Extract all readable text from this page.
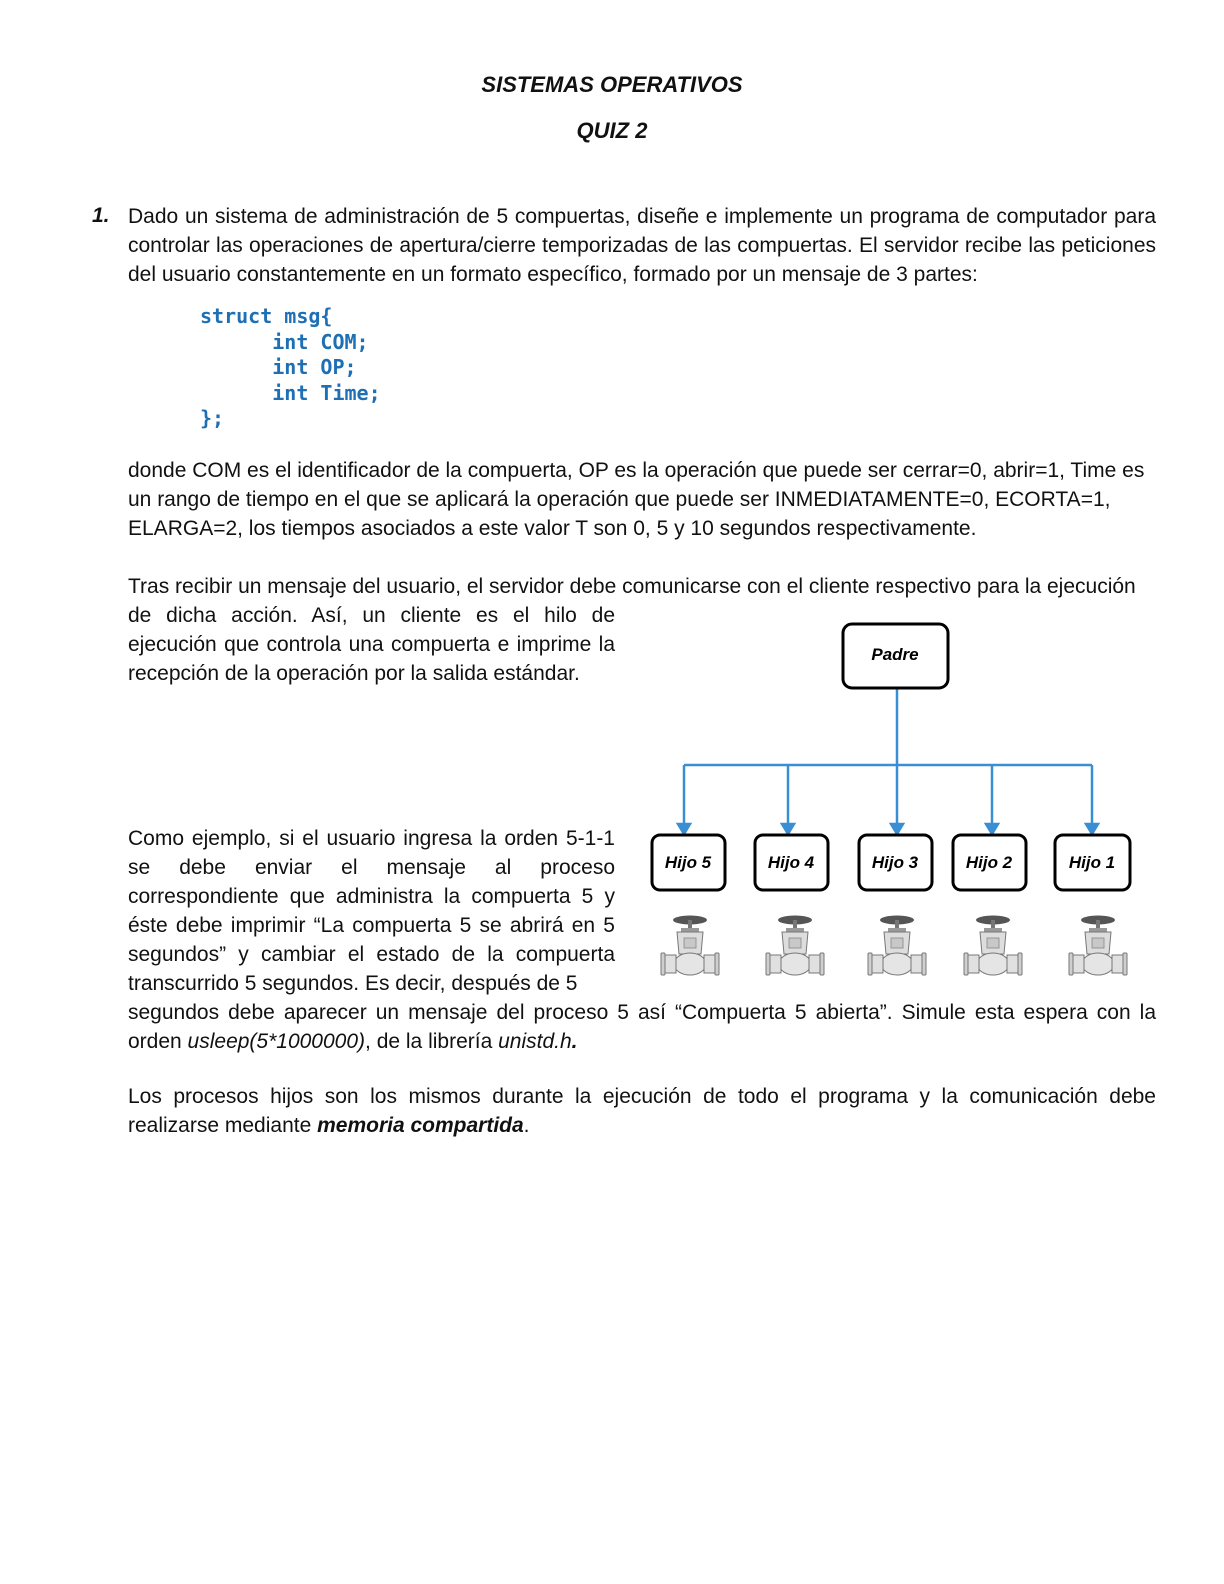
SISTEMAS OPERATIVOS
QUIZ 2
1. Dado un sistema de administración de 5 compuertas, diseñe e implemente un programa de computador para controlar las operaciones de apertura/cierre temporizadas de las compuertas. El servidor recibe las peticiones del usuario constantemente en un formato específico, formado por un mensaje de 3 partes:

struct msg{
int COM;
int OP;
int Time;
};

donde COM es el identificador de la compuerta, OP es la operación que puede ser cerrar=0, abrir=1, Time es un rango de tiempo en el que se aplicará la operación que puede ser INMEDIATAMENTE=0, ECORTA=1, ELARGA=2, los tiempos asociados a este valor T son 0, 5 y 10 segundos respectivamente.

Tras recibir un mensaje del usuario, el servidor debe comunicarse con el cliente respectivo para la ejecución
de dicha acción. Así, un cliente es el hilo de ejecución que controla una compuerta e imprime la recepción de la operación por la salida estándar.
Como ejemplo, si el usuario ingresa la orden 5-1-1 se debe enviar el mensaje al proceso correspondiente que administra la compuerta 5 y éste debe imprimir “La compuerta 5 se abrirá en 5 segundos” y cambiar el estado de la compuerta transcurrido 5 segundos. Es decir, después de 5
segundos debe aparecer un mensaje del proceso 5 así “Compuerta 5 abierta”. Simule esta espera con la orden usleep(5*1000000), de la librería unistd.h.

Los procesos hijos son los mismos durante la ejecución de todo el programa y la comunicación debe realizarse mediante memoria compartida.

Padre
Hijo 5	Hijo 4	Hijo 3	Hijo 2	Hijo 1
